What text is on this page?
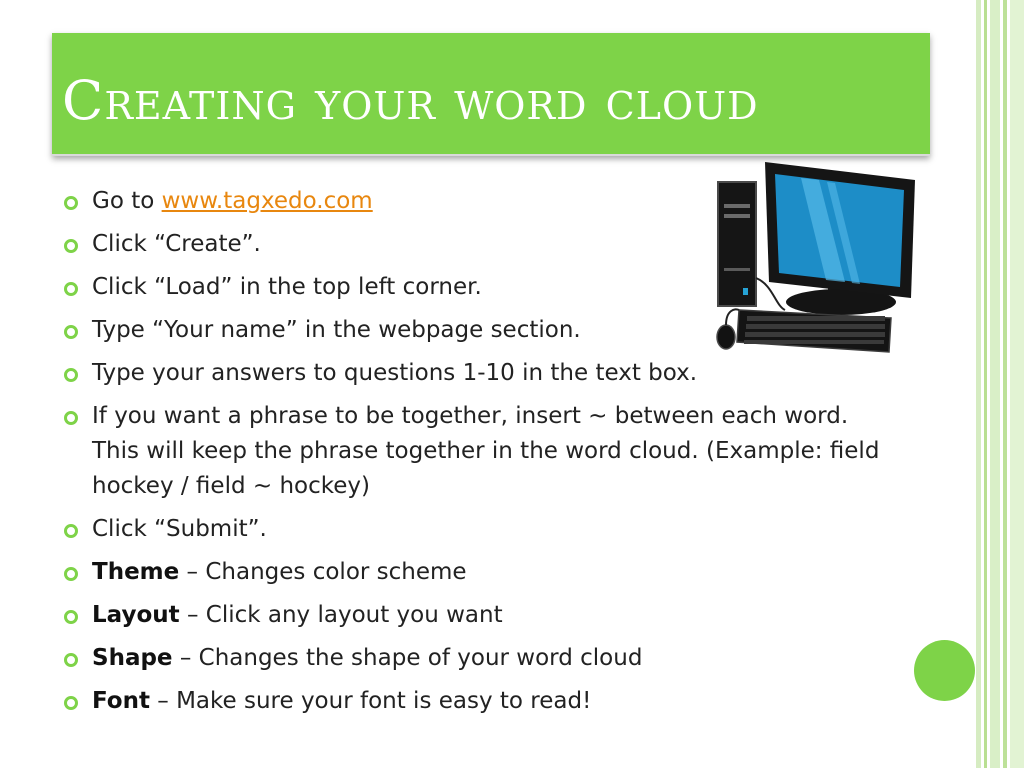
Creating your word cloud
Go to www.tagxedo.com
Click “Create”.
Click “Load” in the top left corner.
Type “Your name” in the webpage section.
Type your answers to questions 1-10 in the text box.
If you want a phrase to be together, insert ~ between each word. This will keep the phrase together in the word cloud. (Example: field hockey / field ~ hockey)
Click “Submit”.
Theme – Changes color scheme
Layout – Click any layout you want
Shape – Changes the shape of your word cloud
Font – Make sure your font is easy to read!
